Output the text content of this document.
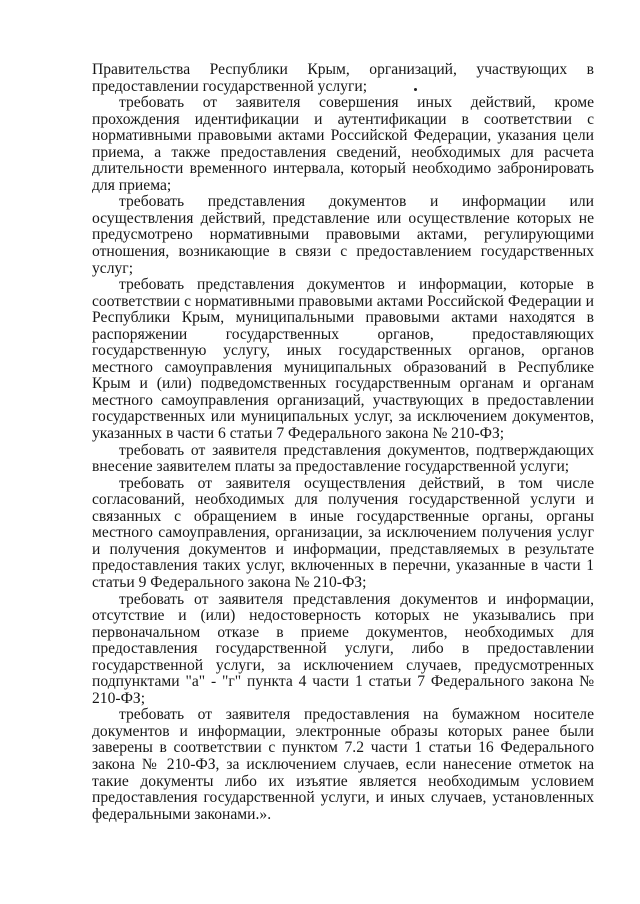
Правительства Республики Крым, организаций, участвующих в предоставлении государственной услуги;

требовать от заявителя совершения иных действий, кроме прохождения идентификации и аутентификации в соответствии с нормативными правовыми актами Российской Федерации, указания цели приема, а также предоставления сведений, необходимых для расчета длительности временного интервала, который необходимо забронировать для приема;

требовать представления документов и информации или осуществления действий, представление или осуществление которых не предусмотрено нормативными правовыми актами, регулирующими отношения, возникающие в связи с предоставлением государственных услуг;

требовать представления документов и информации, которые в соответствии с нормативными правовыми актами Российской Федерации и Республики Крым, муниципальными правовыми актами находятся в распоряжении государственных органов, предоставляющих государственную услугу, иных государственных органов, органов местного самоуправления муниципальных образований в Республике Крым и (или) подведомственных государственным органам и органам местного самоуправления организаций, участвующих в предоставлении государственных или муниципальных услуг, за исключением документов, указанных в части 6 статьи 7 Федерального закона № 210-ФЗ;

требовать от заявителя представления документов, подтверждающих внесение заявителем платы за предоставление государственной услуги;

требовать от заявителя осуществления действий, в том числе согласований, необходимых для получения государственной услуги и связанных с обращением в иные государственные органы, органы местного самоуправления, организации, за исключением получения услуг и получения документов и информации, представляемых в результате предоставления таких услуг, включенных в перечни, указанные в части 1 статьи 9 Федерального закона № 210-ФЗ;

требовать от заявителя представления документов и информации, отсутствие и (или) недостоверность которых не указывались при первоначальном отказе в приеме документов, необходимых для предоставления государственной услуги, либо в предоставлении государственной услуги, за исключением случаев, предусмотренных подпунктами "а" - "г" пункта 4 части 1 статьи 7 Федерального закона № 210-ФЗ;

требовать от заявителя предоставления на бумажном носителе документов и информации, электронные образы которых ранее были заверены в соответствии с пунктом 7.2 части 1 статьи 16 Федерального закона № 210-ФЗ, за исключением случаев, если нанесение отметок на такие документы либо их изъятие является необходимым условием предоставления государственной услуги, и иных случаев, установленных федеральными законами.».
